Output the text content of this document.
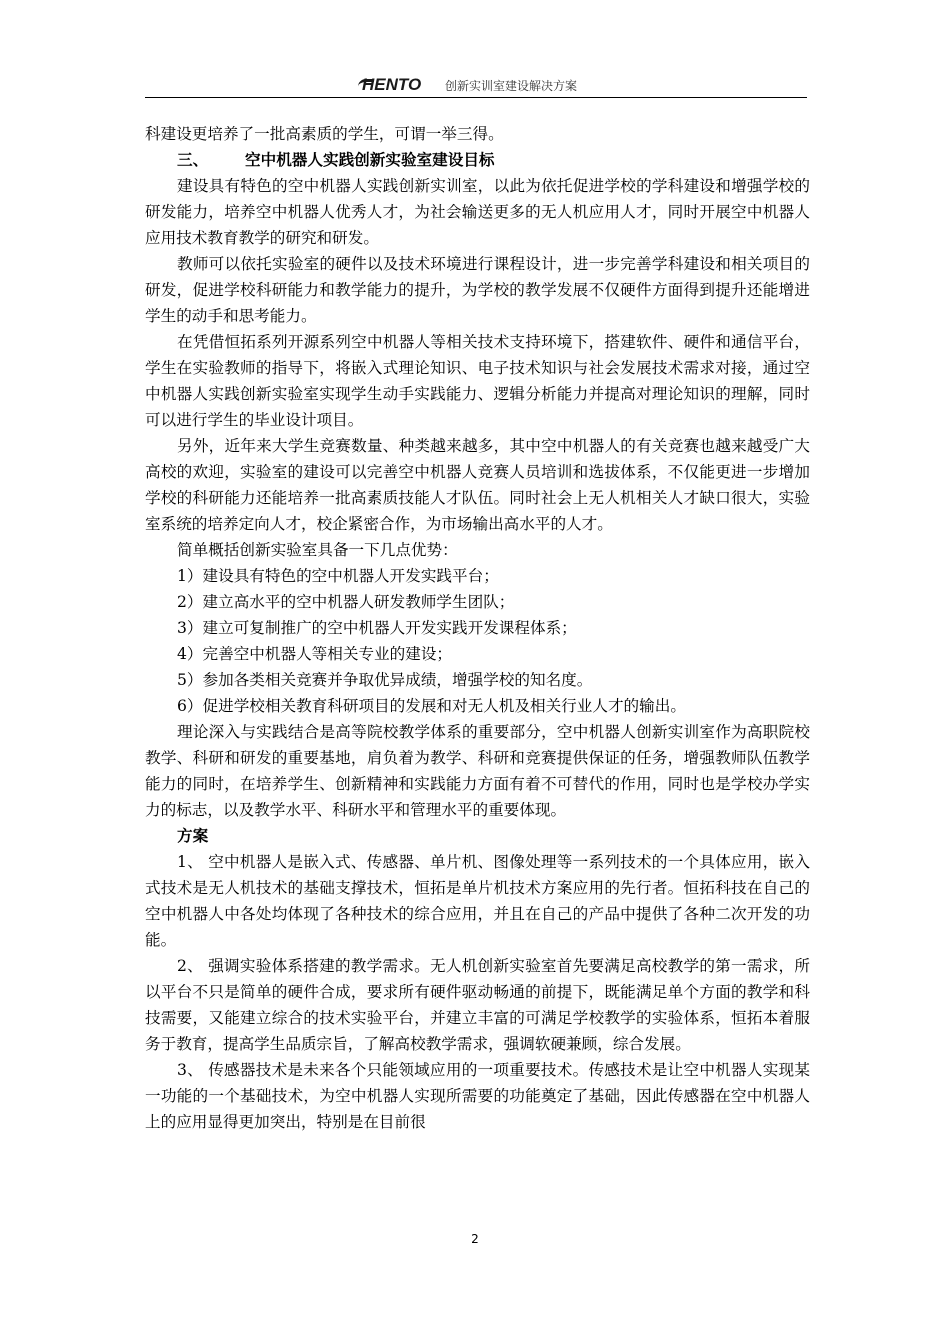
HENTO	创新实训室建设解决方案

科建设更培养了一批高素质的学生，可谓一举三得。

三、 空中机器人实践创新实验室建设目标

建设具有特色的空中机器人实践创新实训室，以此为依托促进学校的学科建设和增强学校的研发能力，培养空中机器人优秀人才，为社会输送更多的无人机应用人才，同时开展空中机器人应用技术教育教学的研究和研发。

教师可以依托实验室的硬件以及技术环境进行课程设计，进一步完善学科建设和相关项目的研发，促进学校科研能力和教学能力的提升，为学校的教学发展不仅硬件方面得到提升还能增进学生的动手和思考能力。

在凭借恒拓系列开源系列空中机器人等相关技术支持环境下，搭建软件、硬件和通信平台，学生在实验教师的指导下，将嵌入式理论知识、电子技术知识与社会发展技术需求对接，通过空中机器人实践创新实验室实现学生动手实践能力、逻辑分析能力并提高对理论知识的理解，同时可以进行学生的毕业设计项目。

另外，近年来大学生竞赛数量、种类越来越多，其中空中机器人的有关竞赛也越来越受广大高校的欢迎，实验室的建设可以完善空中机器人竞赛人员培训和选拔体系，不仅能更进一步增加学校的科研能力还能培养一批高素质技能人才队伍。同时社会上无人机相关人才缺口很大，实验室系统的培养定向人才，校企紧密合作，为市场输出高水平的人才。

简单概括创新实验室具备一下几点优势：

1）建设具有特色的空中机器人开发实践平台；

2）建立高水平的空中机器人研发教师学生团队；

3）建立可复制推广的空中机器人开发实践开发课程体系；

4）完善空中机器人等相关专业的建设；

5）参加各类相关竞赛并争取优异成绩，增强学校的知名度。

6）促进学校相关教育科研项目的发展和对无人机及相关行业人才的输出。

理论深入与实践结合是高等院校教学体系的重要部分，空中机器人创新实训室作为高职院校教学、科研和研发的重要基地，肩负着为教学、科研和竞赛提供保证的任务，增强教师队伍教学能力的同时，在培养学生、创新精神和实践能力方面有着不可替代的作用，同时也是学校办学实力的标志，以及教学水平、科研水平和管理水平的重要体现。

方案

1、 空中机器人是嵌入式、传感器、单片机、图像处理等一系列技术的一个具体应用，嵌入式技术是无人机技术的基础支撑技术，恒拓是单片机技术方案应用的先行者。恒拓科技在自己的空中机器人中各处均体现了各种技术的综合应用，并且在自己的产品中提供了各种二次开发的功能。

2、 强调实验体系搭建的教学需求。无人机创新实验室首先要满足高校教学的第一需求，所以平台不只是简单的硬件合成，要求所有硬件驱动畅通的前提下，既能满足单个方面的教学和科技需要，又能建立综合的技术实验平台，并建立丰富的可满足学校教学的实验体系，恒拓本着服务于教育，提高学生品质宗旨，了解高校教学需求，强调软硬兼顾，综合发展。

3、 传感器技术是未来各个只能领域应用的一项重要技术。传感技术是让空中机器人实现某一功能的一个基础技术，为空中机器人实现所需要的功能奠定了基础，因此传感器在空中机器人上的应用显得更加突出，特别是在目前很

2
